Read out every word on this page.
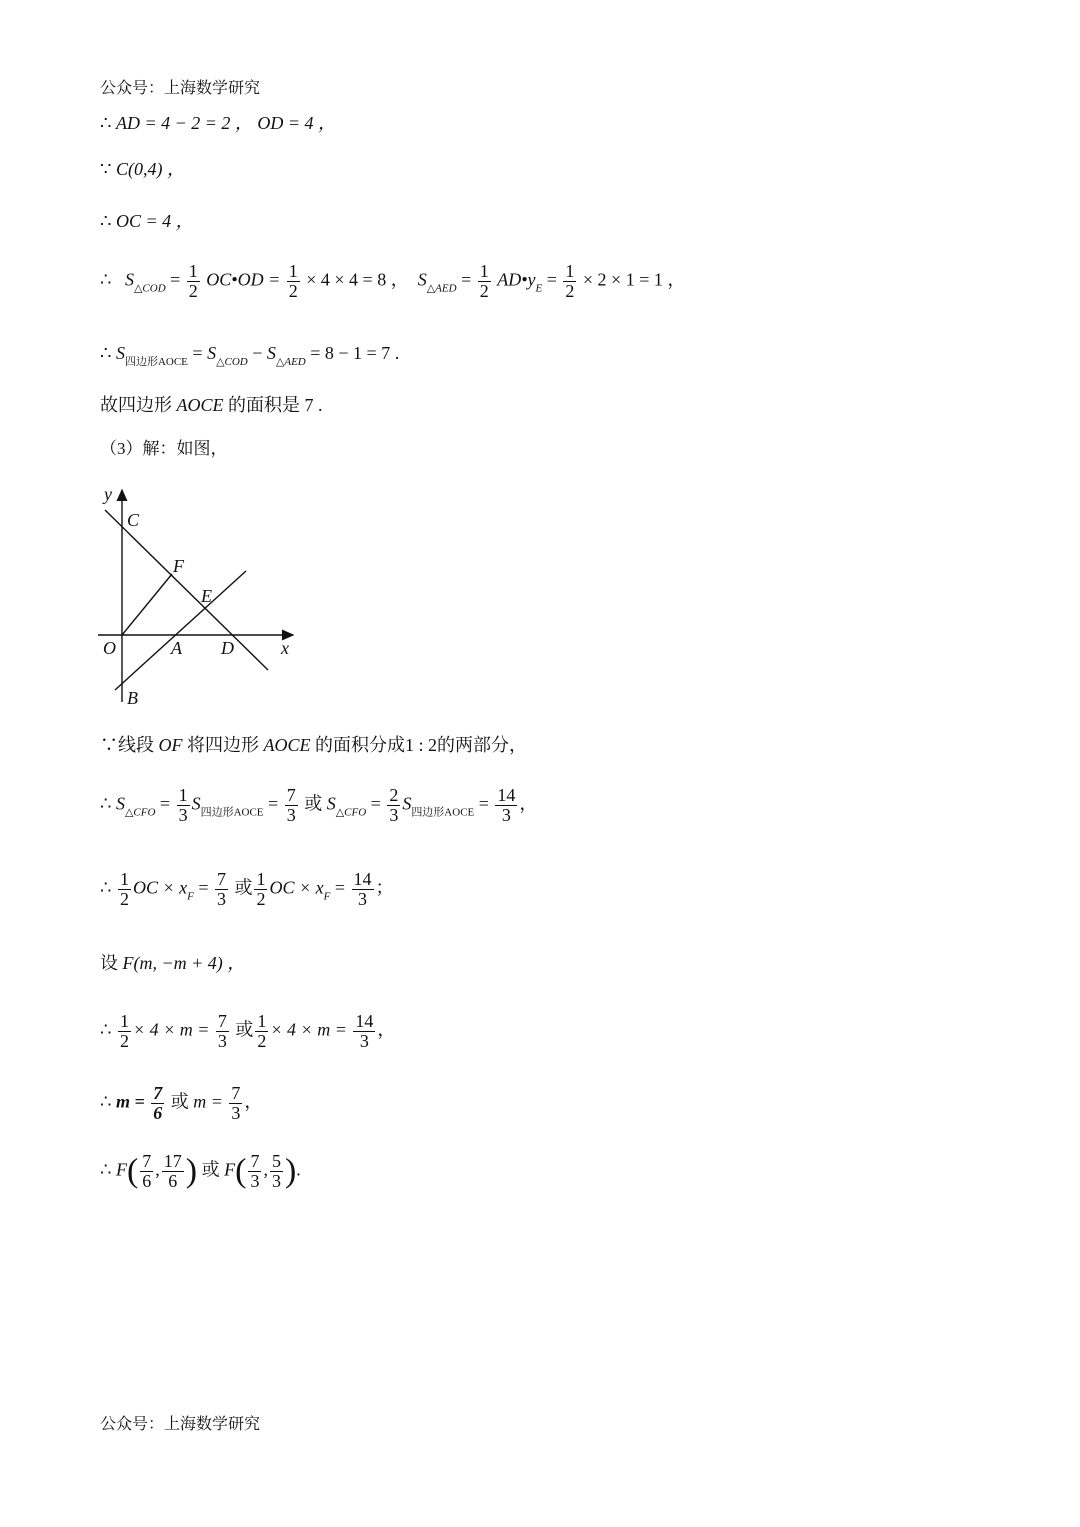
公众号：上海数学研究
∴ AD = 4 − 2 = 2 ， OD = 4 ，
∵ C(0,4) ，
∴ OC = 4 ，
∴ $S_{\triangle COD} = \frac{1}{2}$ OC•OD = $\frac{1}{2} \times 4 \times 4 = 8$ ， $S_{\triangle AED} = \frac{1}{2}$ $AD•y_E = \frac{1}{2} \times 2 \times 1 = 1$ ，
∴ $S_{四边形AOCE} = S_{\triangle COD} - S_{\triangle AED} = 8 - 1 = 7$ .
故四边形 AOCE 的面积是 7 .
（3）解：如图，
y
C
F
E
O	A D	x
B
∵线段 OF 将四边形 AOCE 的面积分成1 : 2的两部分，
∴ $S_{\triangle CFO} = \frac{1}{3} S_{四边形AOCE} = \frac{7}{3}$ 或 $S_{\triangle CFO} = \frac{2}{3} S_{四边形AOCE} = \frac{14}{3}$ ，
∴ $\frac{1}{2}$ OC × $x_F = \frac{7}{3}$ 或 $\frac{1}{2}$ OC × $x_F = \frac{14}{3}$ ；
设 F(m, −m + 4) ，
∴ $\frac{1}{2} \times 4 \times m = \frac{7}{3}$ 或 $\frac{1}{2} \times 4 \times m = \frac{14}{3}$ ，
∴ $m = \frac{7}{6}$ 或 $m = \frac{7}{3}$ ，
∴ $F( \frac{7}{6}$ , $\frac{17}{6}$ ) 或 $F( \frac{7}{3}$ , $\frac{5}{3}$ ).
公众号：上海数学研究
